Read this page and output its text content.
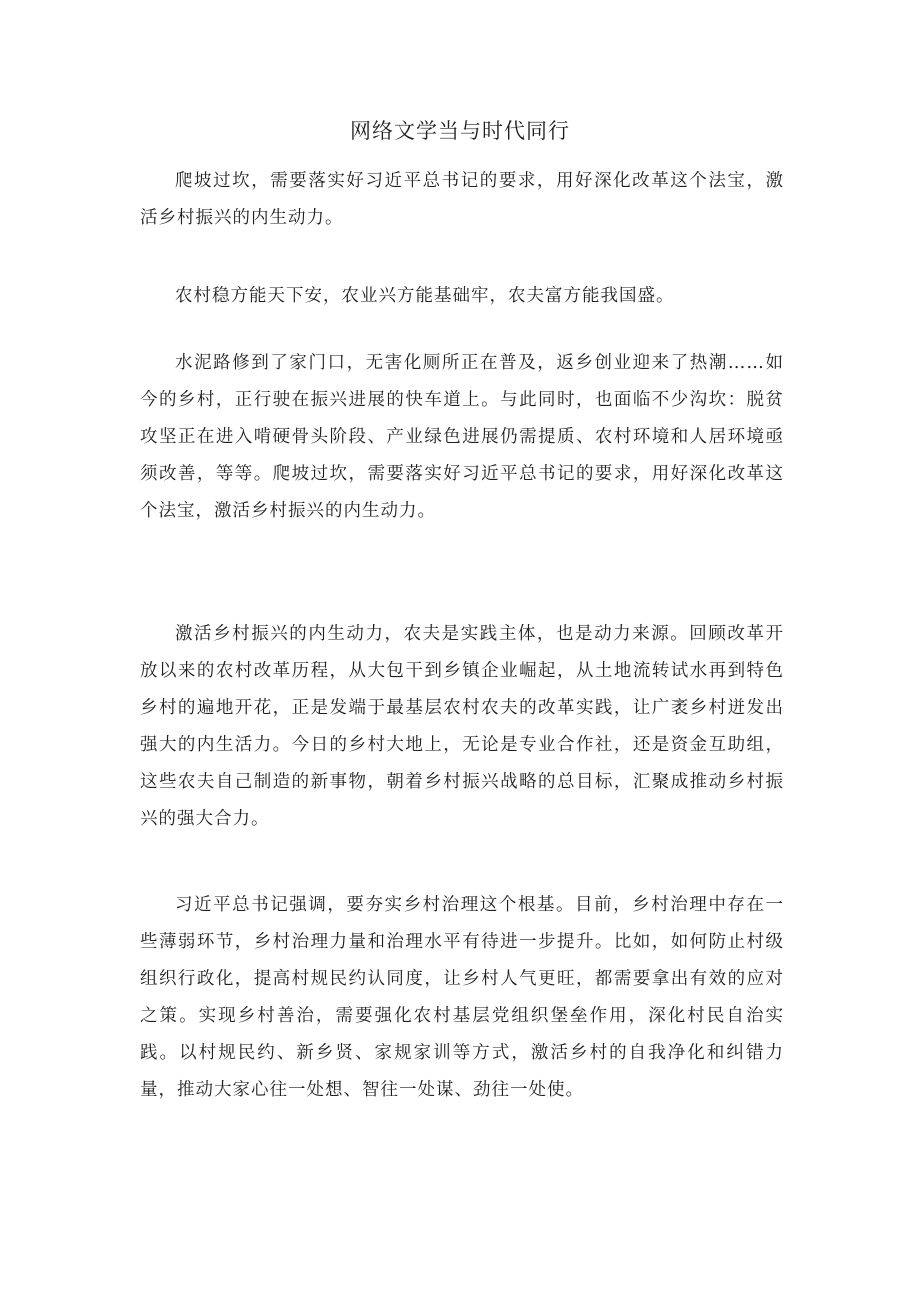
网络文学当与时代同行

爬坡过坎，需要落实好习近平总书记的要求，用好深化改革这个法宝，激活乡村振兴的内生动力。

农村稳方能天下安，农业兴方能基础牢，农夫富方能我国盛。

水泥路修到了家门口，无害化厕所正在普及，返乡创业迎来了热潮……如今的乡村，正行驶在振兴进展的快车道上。与此同时，也面临不少沟坎：脱贫攻坚正在进入啃硬骨头阶段、产业绿色进展仍需提质、农村环境和人居环境亟须改善，等等。爬坡过坎，需要落实好习近平总书记的要求，用好深化改革这个法宝，激活乡村振兴的内生动力。

激活乡村振兴的内生动力，农夫是实践主体，也是动力来源。回顾改革开放以来的农村改革历程，从大包干到乡镇企业崛起，从土地流转试水再到特色乡村的遍地开花，正是发端于最基层农村农夫的改革实践，让广袤乡村迸发出强大的内生活力。今日的乡村大地上，无论是专业合作社，还是资金互助组，这些农夫自己制造的新事物，朝着乡村振兴战略的总目标，汇聚成推动乡村振兴的强大合力。

习近平总书记强调，要夯实乡村治理这个根基。目前，乡村治理中存在一些薄弱环节，乡村治理力量和治理水平有待进一步提升。比如，如何防止村级组织行政化，提高村规民约认同度，让乡村人气更旺，都需要拿出有效的应对之策。实现乡村善治，需要强化农村基层党组织堡垒作用，深化村民自治实践。以村规民约、新乡贤、家规家训等方式，激活乡村的自我净化和纠错力量，推动大家心往一处想、智往一处谋、劲往一处使。
